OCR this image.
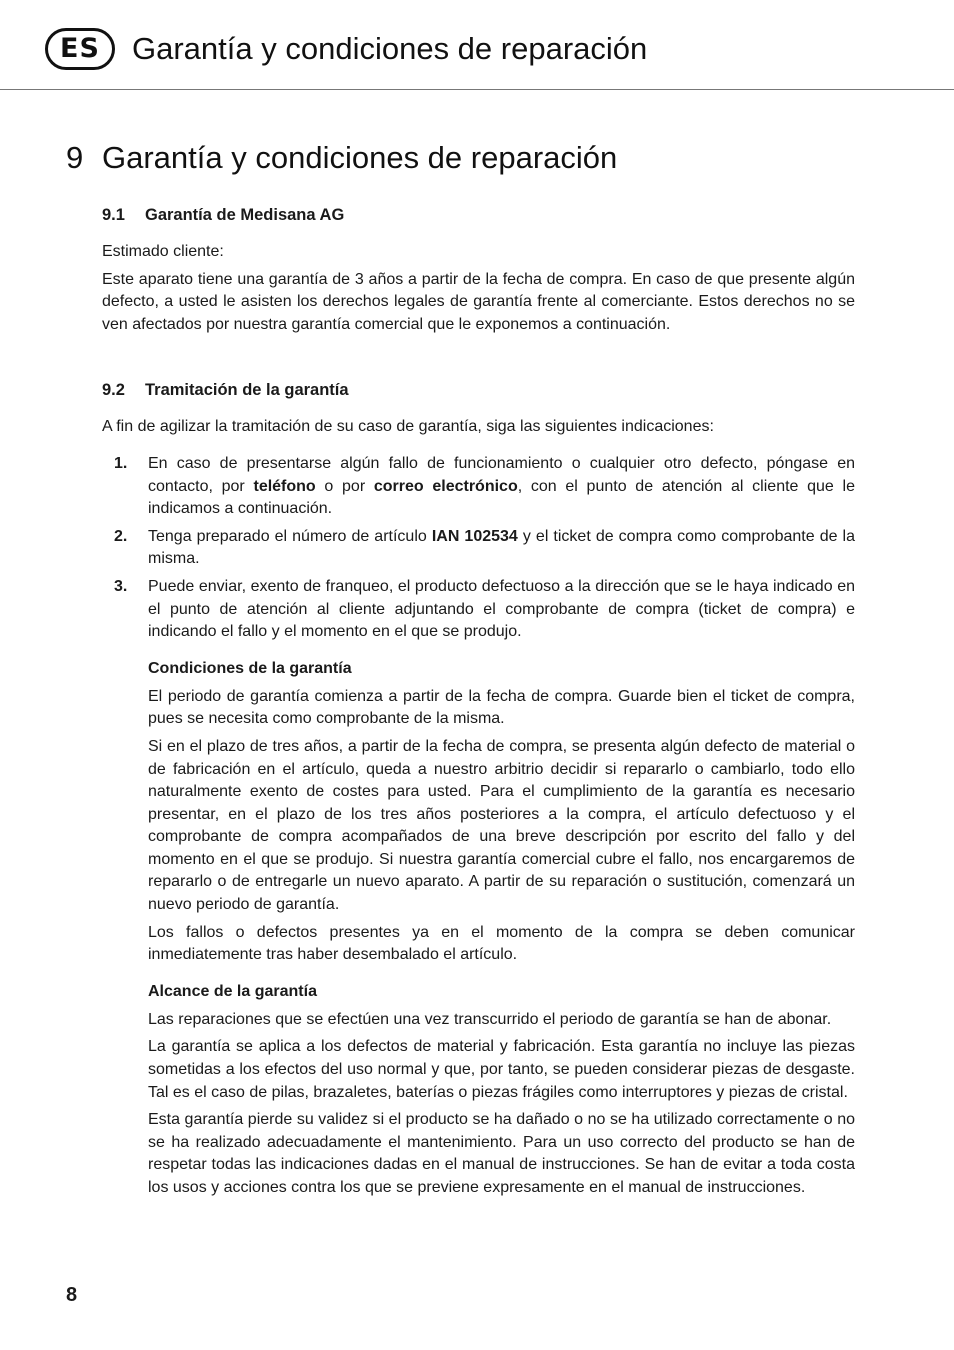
ES	Garantía y condiciones de reparación
9 Garantía y condiciones de reparación
9.1 Garantía de Medisana AG

Estimado cliente:

Este aparato tiene una garantía de 3 años a partir de la fecha de compra. En caso de que presente algún defecto, a usted le asisten los derechos legales de garantía frente al comerciante. Estos derechos no se ven afectados por nuestra garantía comercial que le exponemos a continuación.

9.2 Tramitación de la garantía

A fin de agilizar la tramitación de su caso de garantía, siga las siguientes indicaciones:

1. En caso de presentarse algún fallo de funcionamiento o cualquier otro defecto, póngase en contacto, por teléfono o por correo electrónico, con el punto de atención al cliente que le indicamos a continuación.
2. Tenga preparado el número de artículo IAN 102534 y el ticket de compra como comprobante de la misma.
3. Puede enviar, exento de franqueo, el producto defectuoso a la dirección que se le haya indicado en el punto de atención al cliente adjuntando el comprobante de compra (ticket de compra) e indicando el fallo y el momento en el que se produjo.
Condiciones de la garantía

El periodo de garantía comienza a partir de la fecha de compra. Guarde bien el ticket de compra, pues se necesita como comprobante de la misma.

Si en el plazo de tres años, a partir de la fecha de compra, se presenta algún defecto de material o de fabricación en el artículo, queda a nuestro arbitrio decidir si repararlo o cambiarlo, todo ello naturalmente exento de costes para usted. Para el cumplimiento de la garantía es necesario presentar, en el plazo de los tres años posteriores a la compra, el artículo defectuoso y el comprobante de compra acompañados de una breve descripción por escrito del fallo y del momento en el que se produjo. Si nuestra garantía comercial cubre el fallo, nos encargaremos de repararlo o de entregarle un nuevo aparato. A partir de su reparación o sustitución, comenzará un nuevo periodo de garantía.

Los fallos o defectos presentes ya en el momento de la compra se deben comunicar inmediatemente tras haber desembalado el artículo.

Alcance de la garantía

Las reparaciones que se efectúen una vez transcurrido el periodo de garantía se han de abonar.

La garantía se aplica a los defectos de material y fabricación. Esta garantía no incluye las piezas sometidas a los efectos del uso normal y que, por tanto, se pueden considerar piezas de desgaste. Tal es el caso de pilas, brazaletes, baterías o piezas frágiles como interruptores y piezas de cristal.

Esta garantía pierde su validez si el producto se ha dañado o no se ha utilizado correctamente o no se ha realizado adecuadamente el mantenimiento. Para un uso correcto del producto se han de respetar todas las indicaciones dadas en el manual de instrucciones. Se han de evitar a toda costa los usos y acciones contra los que se previene expresamente en el manual de instrucciones.

8
